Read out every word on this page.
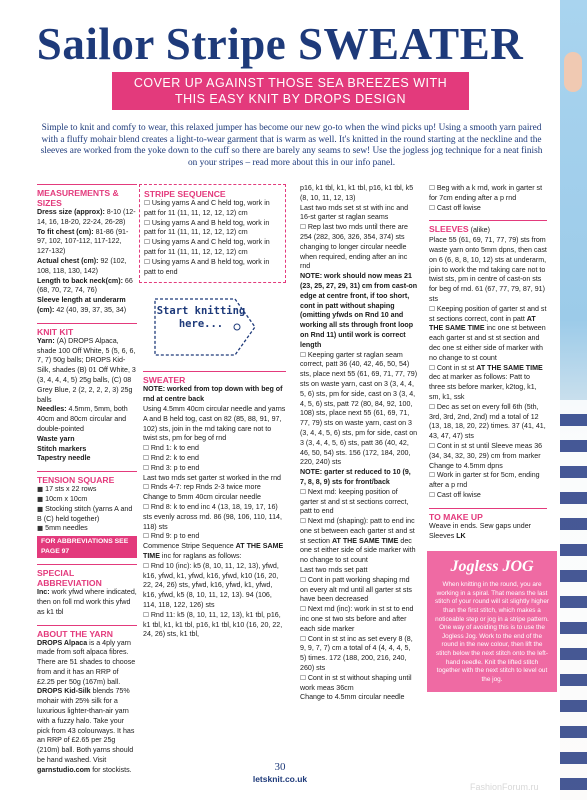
Sailor Stripe SWEATER
COVER UP AGAINST THOSE SEA BREEZES WITH THIS EASY KNIT BY DROPS DESIGN

Simple to knit and comfy to wear, this relaxed jumper has become our new go-to when the wind picks up! Using a smooth yarn paired with a fluffy mohair blend creates a light-to-wear garment that is warm as well. It's knitted in the round starting at the neckline and the sleeves are worked from the yoke down to the cuff so there are barely any seams to sew! Use the jogless jog technique for a neat finish on your stripes – read more about this in our info panel.

MEASUREMENTS & SIZES

Dress size (approx): 8-10 (12-14, 16, 18-20, 22-24, 26-28)

To fit chest (cm): 81-86 (91-97, 102, 107-112, 117-122, 127-132)

Actual chest (cm): 92 (102, 108, 118, 130, 142)

Length to back neck(cm): 66 (68, 70, 72, 74, 76)

Sleeve length at underarm (cm): 42 (40, 39, 37, 35, 34)

KNIT KIT

Yarn: (A) DROPS Alpaca, shade 100 Off White, 5 (5, 6, 6, 7, 7) 50g balls; DROPS Kid-Silk, shades (B) 01 Off White, 3 (3, 4, 4, 4, 5) 25g balls, (C) 08 Grey Blue, 2 (2, 2, 2, 2, 3) 25g balls

Needles: 4.5mm, 5mm, both 40cm and 80cm circular and double-pointed

Waste yarn

Stitch markers

Tapestry needle

TENSION SQUARE

■ 17 sts x 22 rows

■ 10cm x 10cm

■ Stocking stitch (yarns A and B (C) held together)

■ 5mm needles

FOR ABBREVIATIONS SEE PAGE 97

SPECIAL ABBREVIATION

Inc: work yfwd where indicated, then on foll rnd work this yfwd as k1 tbl

ABOUT THE YARN

DROPS Alpaca is a 4ply yarn made from soft alpaca fibres. There are 51 shades to choose from and it has an RRP of £2.25 per 50g (167m) ball. DROPS Kid-Silk blends 75% mohair with 25% silk for a luxurious lighter-than-air yarn with a fuzzy halo. Take your pick from 43 colourways. It has an RRP of £2.65 per 25g (210m) ball. Both yarns should be hand washed. Visit garnstudio.com for stockists.

STRIPE SEQUENCE

☐ Using yarns A and C held tog, work in patt for 11 (11, 11, 12, 12, 12) cm

☐ Using yarns A and B held tog, work in patt for 11 (11, 11, 12, 12, 12) cm

☐ Using yarns A and C held tog, work in patt for 11 (11, 11, 12, 12, 12) cm

☐ Using yarns A and B held tog, work in patt to end

Start knitting here...

SWEATER

NOTE: worked from top down with beg of rnd at centre back

Using 4.5mm 40cm circular needle and yarns A and B held tog, cast on 82 (85, 88, 91, 97, 102) sts, join in the rnd taking care not to twist sts, pm for beg of rnd

☐ Rnd 1: k to end

☐ Rnd 2: k to end

☐ Rnd 3: p to end

Last two rnds set garter st worked in the rnd

☐ Rnds 4-7: rep Rnds 2-3 twice more

Change to 5mm 40cm circular needle

☐ Rnd 8: k to end inc 4 (13, 18, 19, 17, 16) sts evenly across rnd. 86 (98, 106, 110, 114, 118) sts

☐ Rnd 9: p to end

Commence Stripe Sequence AT THE SAME TIME inc for raglans as follows:

☐ Rnd 10 (inc): k5 (8, 10, 11, 12, 13), yfwd, k16, yfwd, k1, yfwd, k16, yfwd, k10 (16, 20, 22, 24, 26) sts, yfwd, k16, yfwd, k1, yfwd, k16, yfwd, k5 (8, 10, 11, 12, 13). 94 (106, 114, 118, 122, 126) sts

☐ Rnd 11: k5 (8, 10, 11, 12, 13), k1 tbl, p16, k1 tbl, k1, k1 tbl, p16, k1 tbl, k10 (16, 20, 22, 24, 26) sts, k1 tbl,

p16, k1 tbl, k1, k1 tbl, p16, k1 tbl, k5 (8, 10, 11, 12, 13)

Last two rnds set st st with inc and 16-st garter st raglan seams

☐ Rep last two rnds until there are 254 (282, 306, 326, 354, 374) sts changing to longer circular needle when required, ending after an inc rnd

NOTE: work should now meas 21 (23, 25, 27, 29, 31) cm from cast-on edge at centre front, if too short, cont in patt without shaping (omitting yfwds on Rnd 10 and working all sts through front loop on Rnd 11) until work is correct length

☐ Keeping garter st raglan seam correct, patt 36 (40, 42, 46, 50, 54) sts, place next 55 (61, 69, 71, 77, 79) sts on waste yarn, cast on 3 (3, 4, 4, 5, 6) sts, pm for side, cast on 3 (3, 4, 4, 5, 6) sts, patt 72 (80, 84, 92, 100, 108) sts, place next 55 (61, 69, 71, 77, 79) sts on waste yarn, cast on 3 (3, 4, 4, 5, 6) sts, pm for side, cast on 3 (3, 4, 4, 5, 6) sts, patt 36 (40, 42, 46, 50, 54) sts. 156 (172, 184, 200, 220, 240) sts

NOTE: garter st reduced to 10 (9, 7, 8, 8, 9) sts for front/back

☐ Next rnd: keeping position of garter st and st st sections correct, patt to end

☐ Next rnd (shaping): patt to end inc one st between each garter st and st st section AT THE SAME TIME dec one st either side of side marker with no change to st count

Last two rnds set patt

☐ Cont in patt working shaping rnd on every alt rnd until all garter st sts have been decreased

☐ Next rnd (inc): work in st st to end inc one st two sts before and after each side marker

☐ Cont in st st inc as set every 8 (8, 9, 9, 7, 7) cm a total of 4 (4, 4, 4, 5, 5) times. 172 (188, 200, 216, 240, 260) sts

☐ Cont in st st without shaping until work meas 36cm

Change to 4.5mm circular needle

☐ Beg with a k rnd, work in garter st for 7cm ending after a p rnd

☐ Cast off kwise

SLEEVES (alike)

Place 55 (61, 69, 71, 77, 79) sts from waste yarn onto 5mm dpns, then cast on 6 (6, 8, 8, 10, 12) sts at underarm, join to work the rnd taking care not to twist sts, pm in centre of cast-on sts for beg of rnd. 61 (67, 77, 79, 87, 91) sts

☐ Keeping position of garter st and st st sections correct, cont in patt AT THE SAME TIME inc one st between each garter st and st st section and dec one st either side of marker with no change to st count

☐ Cont in st st AT THE SAME TIME dec at marker as follows: Patt to three sts before marker, k2tog, k1, sm, k1, ssk

☐ Dec as set on every foll 6th (5th, 3rd, 3rd, 2nd, 2nd) rnd a total of 12 (13, 18, 18, 20, 22) times. 37 (41, 41, 43, 47, 47) sts

☐ Cont in st st until Sleeve meas 36 (34, 34, 32, 30, 29) cm from marker

Change to 4.5mm dpns

☐ Work in garter st for 5cm, ending after a p rnd

☐ Cast off kwise

TO MAKE UP

Weave in ends. Sew gaps under Sleeves LK

Jogless JOG
When knitting in the round, you are working in a spiral. That means the last stitch of your round will sit slightly higher than the first stitch, which makes a noticeable step or jog in a stripe pattern. One way of avoiding this is to use the Jogless Jog. Work to the end of the round in the new colour, then lift the stitch below the next stitch onto the left-hand needle. Knit the lifted stitch together with the next stitch to level out the jog.
30
letsknit.co.uk
FashionForum.ru
